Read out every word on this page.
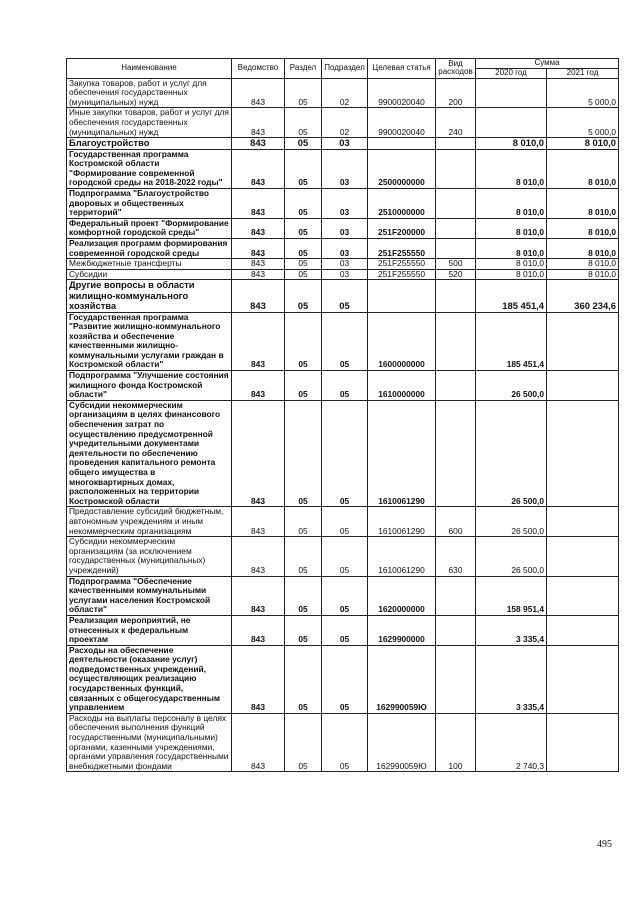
Наименование	Ведомство	Раздел	Подраздел	Целевая статья	Вид расходов	Сумма	
						2020 год	2021 год
Закупка товаров, работ и услуг для обеспечения государственных (муниципальных) нужд	843	05	02	9900020040	200		5 000,0
Иные закупки товаров, работ и услуг для обеспечения государственных (муниципальных) нужд	843	05	02	9900020040	240		5 000,0
Благоустройство	843	05	03			8 010,0	8 010,0
Государственная программа Костромской области "Формирование современной городской среды на 2018-2022 годы"	843	05	03	2500000000		8 010,0	8 010,0
Подпрограмма "Благоустройство дворовых и общественных территорий"	843	05	03	2510000000		8 010,0	8 010,0
Федеральный проект "Формирование комфортной городской среды"	843	05	03	251F200000		8 010,0	8 010,0
Реализация программ формирования современной городской среды	843	05	03	251F255550		8 010,0	8 010,0
Межбюджетные трансферты	843	05	03	251F255550	500	8 010,0	8 010,0
Субсидии	843	05	03	251F255550	520	8 010,0	8 010,0
Другие вопросы в области жилищно-коммунального хозяйства	843	05	05			185 451,4	360 234,6
Государственная программа "Развитие жилищно-коммунального хозяйства и обеспечение качественными жилищно-коммунальными услугами граждан в Костромской области"	843	05	05	1600000000		185 451,4	
Подпрограмма "Улучшение состояния жилищного фонда Костромской области"	843	05	05	1610000000		26 500,0	
Субсидии некоммерческим организациям в целях финансового обеспечения затрат по осуществлению предусмотренной учредительными документами деятельности по обеспечению проведения капитального ремонта общего имущества в многоквартирных домах, расположенных на территории Костромской области	843	05	05	1610061290		26 500,0	
Предоставление субсидий бюджетным, автономным учреждениям и иным некоммерческим организациям	843	05	05	1610061290	600	26 500,0	
Субсидии некоммерческим организациям (за исключением государственных (муниципальных) учреждений)	843	05	05	1610061290	630	26 500,0	
Подпрограмма "Обеспечение качественными коммунальными услугами населения Костромской области"	843	05	05	1620000000		158 951,4	
Реализация мероприятий, не отнесенных к федеральным проектам	843	05	05	1629900000		3 335,4	
Расходы на обеспечение деятельности (оказание услуг) подведомственных учреждений, осуществляющих реализацию государственных функций, связанных с общегосударственным управлением	843	05	05	162990059Ю		3 335,4	
Расходы на выплаты персоналу в целях обеспечения выполнения функций государственными (муниципальными) органами, казенными учреждениями, органами управления государственными внебюджетными фондами	843	05	05	162990059Ю	100	2 740,3	
495
